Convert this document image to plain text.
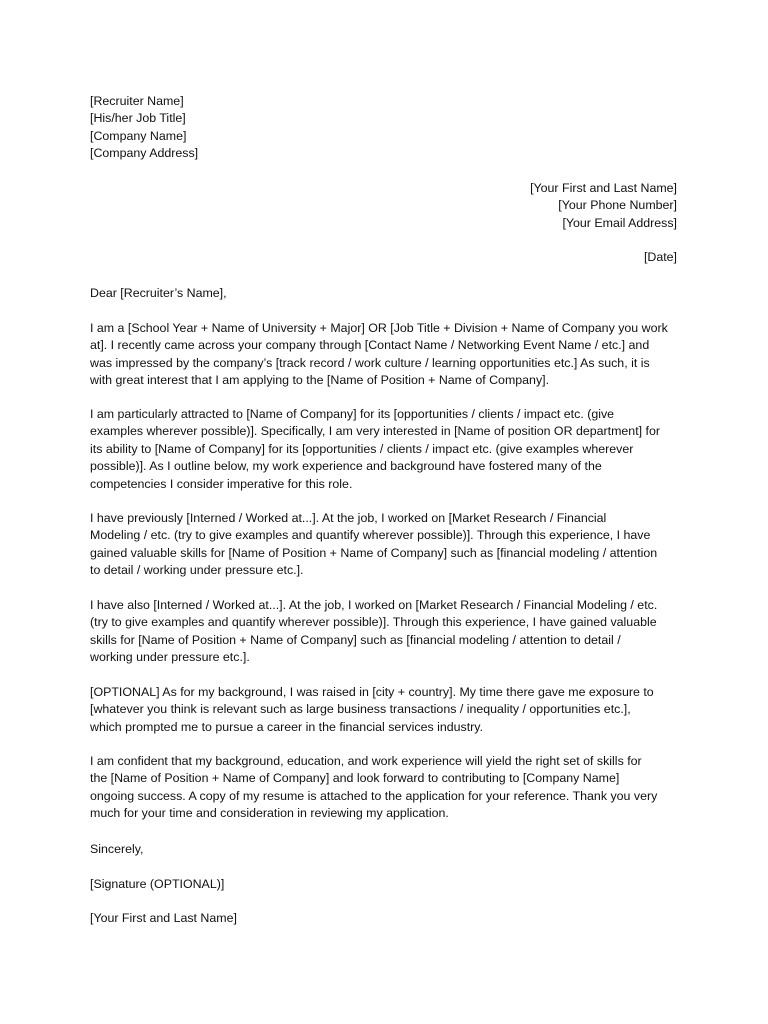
[Recruiter Name]
[His/her Job Title]
[Company Name]
[Company Address]
[Your First and Last Name]
[Your Phone Number]
[Your Email Address]
[Date]
Dear [Recruiter’s Name],
I am a [School Year + Name of University + Major] OR [Job Title + Division + Name of Company you work
at]. I recently came across your company through [Contact Name / Networking Event Name / etc.] and
was impressed by the company’s [track record / work culture / learning opportunities etc.] As such, it is
with great interest that I am applying to the [Name of Position + Name of Company].
I am particularly attracted to [Name of Company] for its [opportunities / clients / impact etc. (give
examples wherever possible)]. Specifically, I am very interested in [Name of position OR department] for
its ability to [Name of Company] for its [opportunities / clients / impact etc. (give examples wherever
possible)]. As I outline below, my work experience and background have fostered many of the
competencies I consider imperative for this role.
I have previously [Interned / Worked at...]. At the job, I worked on [Market Research / Financial
Modeling / etc. (try to give examples and quantify wherever possible)]. Through this experience, I have
gained valuable skills for [Name of Position + Name of Company] such as [financial modeling / attention
to detail / working under pressure etc.].
I have also [Interned / Worked at...]. At the job, I worked on [Market Research / Financial Modeling / etc.
(try to give examples and quantify wherever possible)]. Through this experience, I have gained valuable
skills for [Name of Position + Name of Company] such as [financial modeling / attention to detail /
working under pressure etc.].
[OPTIONAL] As for my background, I was raised in [city + country]. My time there gave me exposure to
[whatever you think is relevant such as large business transactions / inequality / opportunities etc.],
which prompted me to pursue a career in the financial services industry.
I am confident that my background, education, and work experience will yield the right set of skills for
the [Name of Position + Name of Company] and look forward to contributing to [Company Name]
ongoing success. A copy of my resume is attached to the application for your reference. Thank you very
much for your time and consideration in reviewing my application.
Sincerely,
[Signature (OPTIONAL)]
[Your First and Last Name]
